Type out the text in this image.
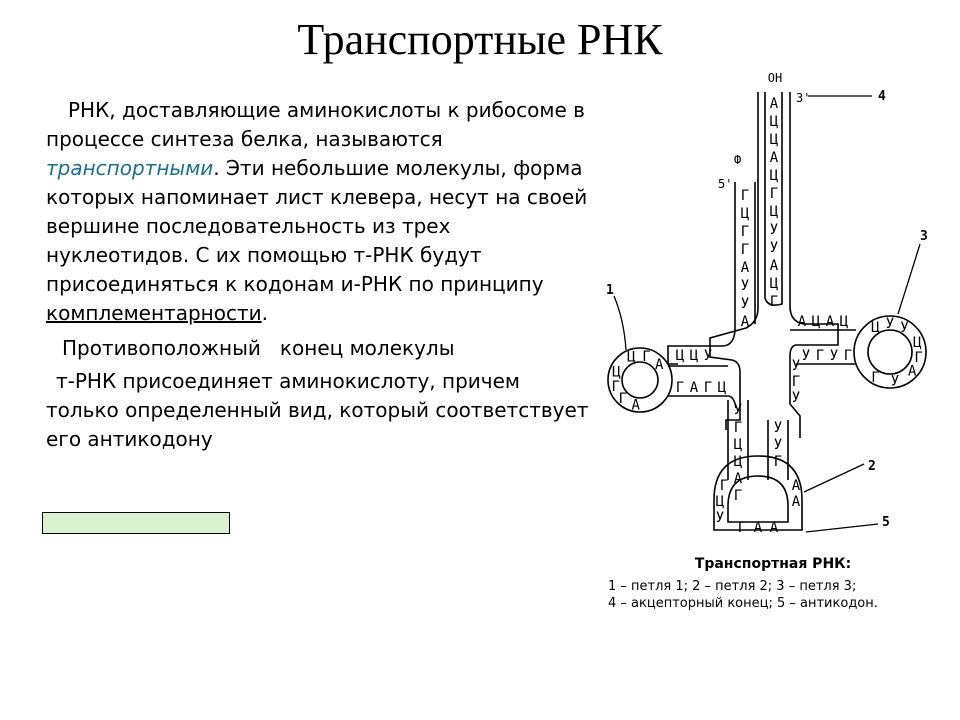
Транспортные РНК

РНК, доставляющие аминокислоты к рибосоме в процессе синтеза белка, называются транспортными. Эти небольшие молекулы, форма которых напоминает лист клевера, несут на своей вершине последовательность из трех нуклеотидов. С их помощью т-РНК будут присоединяться к кодонам и-РНК по принципу комплементарности.

Противоположный   конец молекулы

т-РНК присоединяет аминокислоту, причем только определенный вид, который соответствует его антикодону

А
Ц
Ц
А
Ц
Г
Ц
У
У
А
Ц
Г
Г
Ц
Г
Г
А
У
У
А
Ц Ц У
Г А Г Ц
Ц Г А
Ц
Г
Г А
А Ц А Ц
У Г У Г
Ц У У
Ц
Г
А
У
Г
У
У
Г
У
Г
Ц
Ц
А
Г
У
У
Г
Ц
У
А
А
Г А А
Г
ОН
3'
Ф
5'
4
1
3
2
5
Транспортная РНК:
1 – петля 1; 2 – петля 2; 3 – петля 3;
4 – акцепторный конец; 5 – антикодон.
